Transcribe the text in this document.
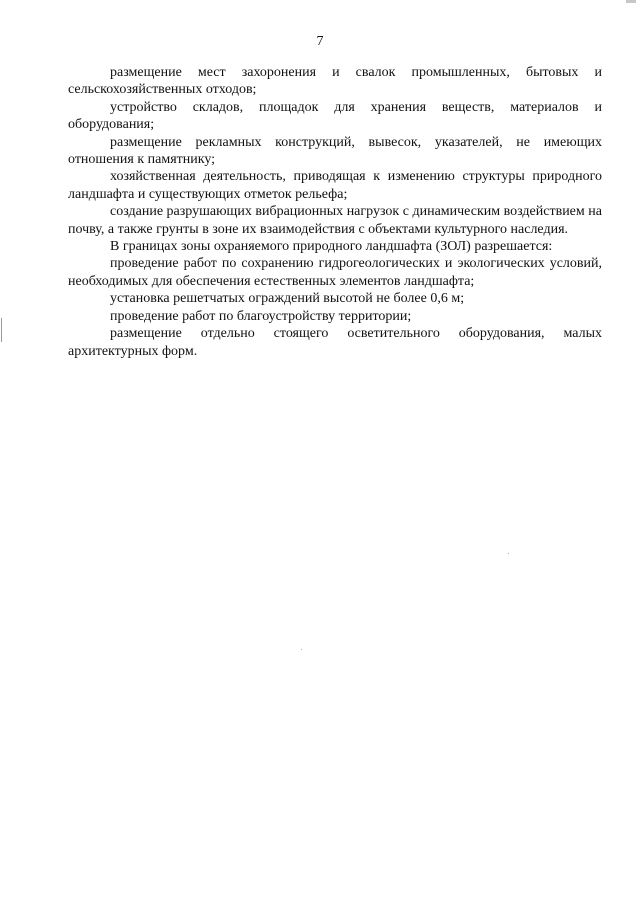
7

размещение мест захоронения и свалок промышленных, бытовых и сельскохозяйственных отходов;

устройство складов, площадок для хранения веществ, материалов и оборудования;

размещение рекламных конструкций, вывесок, указателей, не имеющих отношения к памятнику;

хозяйственная деятельность, приводящая к изменению структуры природного ландшафта и существующих отметок рельефа;

создание разрушающих вибрационных нагрузок с динамическим воздействием на почву, а также грунты в зоне их взаимодействия с объектами культурного наследия.

В границах зоны охраняемого природного ландшафта (ЗОЛ) разрешается:

проведение работ по сохранению гидрогеологических и экологических условий, необходимых для обеспечения естественных элементов ландшафта;

установка решетчатых ограждений высотой не более 0,6 м;

проведение работ по благоустройству территории;

размещение отдельно стоящего осветительного оборудования, малых архитектурных форм.
